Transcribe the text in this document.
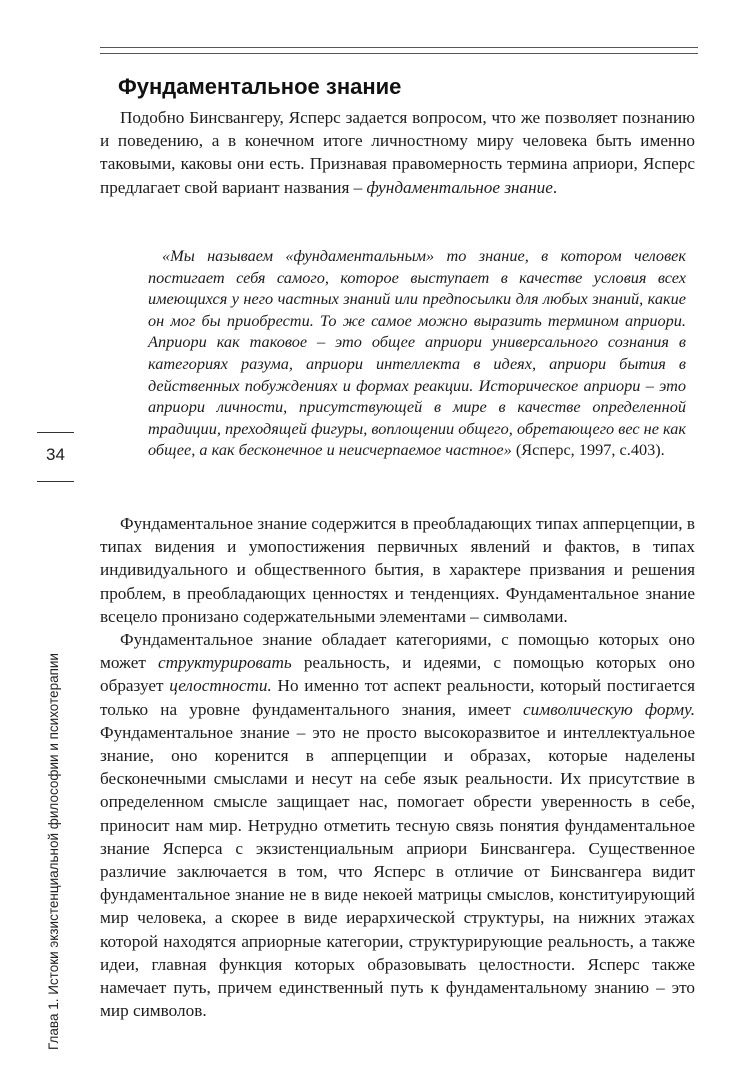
Фундаментальное знание

Подобно Бинсвангеру, Ясперс задается вопросом, что же позволяет познанию и поведению, а в конечном итоге личностному миру человека быть именно таковыми, каковы они есть. Признавая правомерность термина априори, Ясперс предлагает свой вариант названия – фундаментальное знание.

«Мы называем «фундаментальным» то знание, в котором человек постигает себя самого, которое выступает в качестве условия всех имеющихся у него частных знаний или предпосылки для любых знаний, какие он мог бы приобрести. То же самое можно выразить термином априори. Априори как таковое – это общее априори универсального сознания в категориях разума, априори интеллекта в идеях, априори бытия в действенных побуждениях и формах реакции. Историческое априори – это априори личности, присутствующей в мире в качестве определенной традиции, преходящей фигуры, воплощении общего, обретающего вес не как общее, а как бесконечное и неисчерпаемое частное» (Ясперс, 1997, с.403).

Фундаментальное знание содержится в преобладающих типах апперцепции, в типах видения и умопостижения первичных явлений и фактов, в типах индивидуального и общественного бытия, в характере призвания и решения проблем, в преобладающих ценностях и тенденциях. Фундаментальное знание всецело пронизано содержательными элементами – символами.

Фундаментальное знание обладает категориями, с помощью которых оно может структурировать реальность, и идеями, с помощью которых оно образует целостности. Но именно тот аспект реальности, который постигается только на уровне фундаментального знания, имеет символическую форму. Фундаментальное знание – это не просто высокоразвитое и интеллектуальное знание, оно коренится в апперцепции и образах, которые наделены бесконечными смыслами и несут на себе язык реальности. Их присутствие в определенном смысле защищает нас, помогает обрести уверенность в себе, приносит нам мир. Нетрудно отметить тесную связь понятия фундаментальное знание Ясперса с экзистенциальным априори Бинсвангера. Существенное различие заключается в том, что Ясперс в отличие от Бинсвангера видит фундаментальное знание не в виде некоей матрицы смыслов, конституирующий мир человека, а скорее в виде иерархической структуры, на нижних этажах которой находятся априорные категории, структурирующие реальность, а также идеи, главная функция которых образовывать целостности. Ясперс также намечает путь, причем единственный путь к фундаментальному знанию – это мир символов.

34
Глава 1. Истоки экзистенциальной философии и психотерапии
